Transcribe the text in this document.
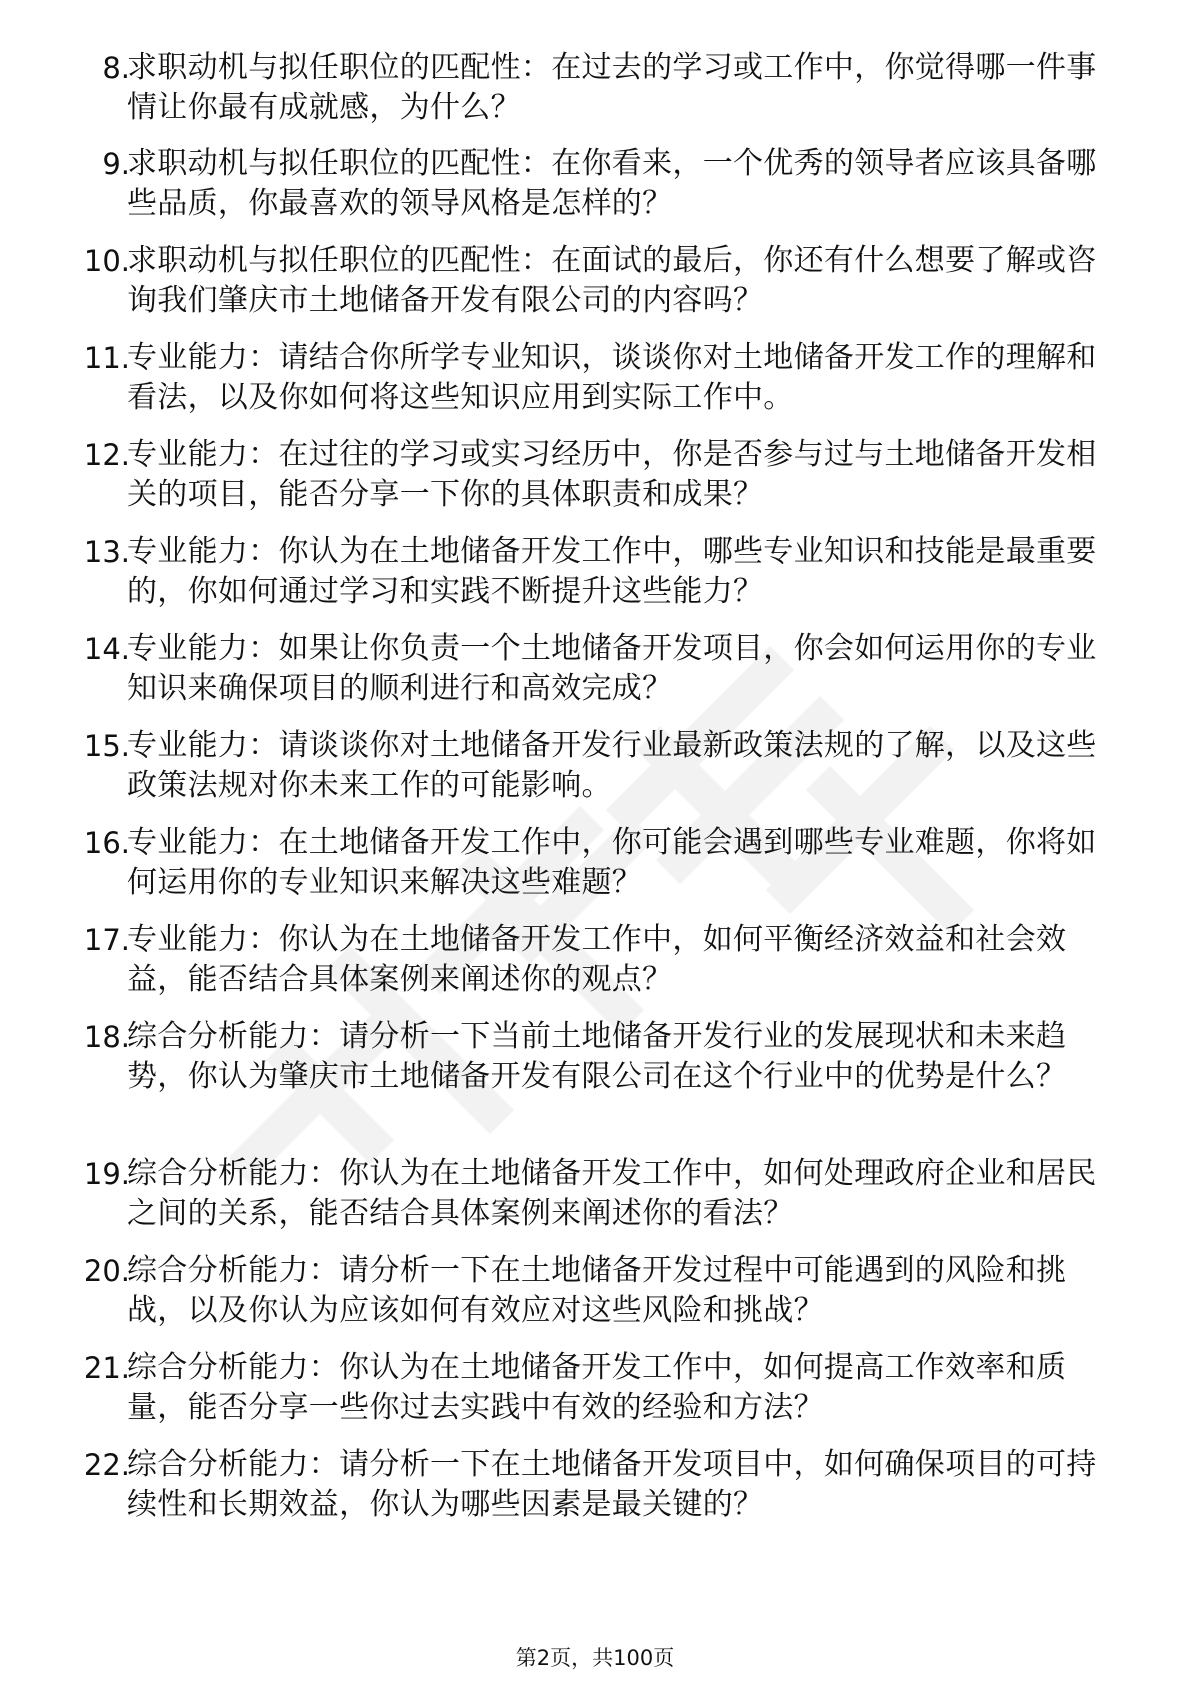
8.
求职动机与拟任职位的匹配性：在过去的学习或工作中，你觉得哪一件事情让你最有成就感，为什么？
9.
求职动机与拟任职位的匹配性：在你看来，一个优秀的领导者应该具备哪些品质，你最喜欢的领导风格是怎样的？
10.
求职动机与拟任职位的匹配性：在面试的最后，你还有什么想要了解或咨询我们肇庆市土地储备开发有限公司的内容吗？
11.
专业能力：请结合你所学专业知识，谈谈你对土地储备开发工作的理解和看法，以及你如何将这些知识应用到实际工作中。
12.
专业能力：在过往的学习或实习经历中，你是否参与过与土地储备开发相关的项目，能否分享一下你的具体职责和成果？
13.
专业能力：你认为在土地储备开发工作中，哪些专业知识和技能是最重要的，你如何通过学习和实践不断提升这些能力？
14.
专业能力：如果让你负责一个土地储备开发项目，你会如何运用你的专业知识来确保项目的顺利进行和高效完成？
15.
专业能力：请谈谈你对土地储备开发行业最新政策法规的了解，以及这些政策法规对你未来工作的可能影响。
16.
专业能力：在土地储备开发工作中，你可能会遇到哪些专业难题，你将如何运用你的专业知识来解决这些难题？
17.
专业能力：你认为在土地储备开发工作中，如何平衡经济效益和社会效益，能否结合具体案例来阐述你的观点？
18.
综合分析能力：请分析一下当前土地储备开发行业的发展现状和未来趋势，你认为肇庆市土地储备开发有限公司在这个行业中的优势是什么？
19.
综合分析能力：你认为在土地储备开发工作中，如何处理政府企业和居民之间的关系，能否结合具体案例来阐述你的看法？
20.
综合分析能力：请分析一下在土地储备开发过程中可能遇到的风险和挑战，以及你认为应该如何有效应对这些风险和挑战？
21.
综合分析能力：你认为在土地储备开发工作中，如何提高工作效率和质量，能否分享一些你过去实践中有效的经验和方法？
22.
综合分析能力：请分析一下在土地储备开发项目中，如何确保项目的可持续性和长期效益，你认为哪些因素是最关键的？
第2页，共100页
